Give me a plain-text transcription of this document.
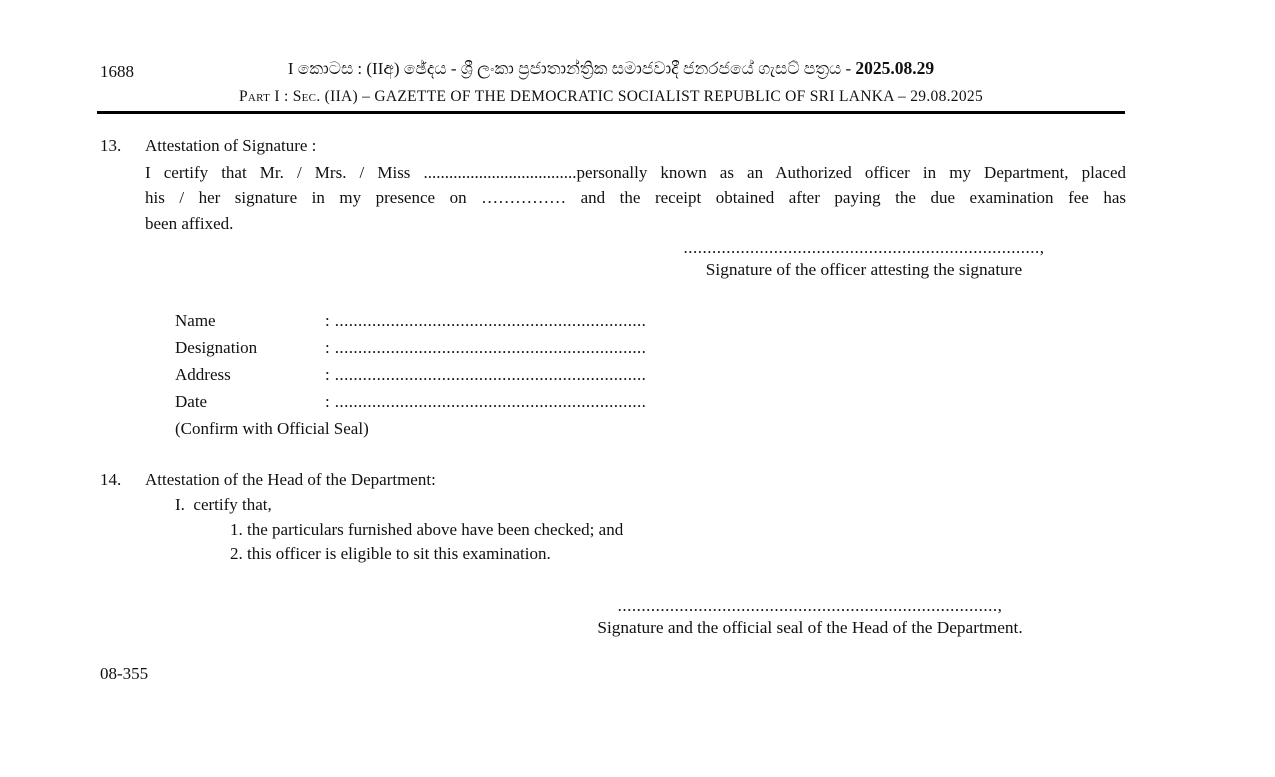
1688	I කොටස : (IIඅ) ඡේදය - ශ්‍රී ලංකා ප්‍රජාතාන්ත්‍රික සමාජවාදී ජනරජයේ ගැසට් පත්‍රය - 2025.08.29
Part I : Sec. (IIA) – GAZETTE OF THE DEMOCRATIC SOCIALIST REPUBLIC OF SRI LANKA – 29.08.2025
13. Attestation of Signature :
I certify that Mr. / Mrs. / Miss ....................................personally known as an Authorized officer in my Department, placed
his / her signature in my presence on …………… and the receipt obtained after paying the due examination fee has
been affixed.
...........................................................................,
Signature of the officer attesting the signature
Name	: ...................................................................
Designation	: ...................................................................
Address	: ...................................................................
Date	: ...................................................................
(Confirm with Official Seal)
14. Attestation of the Head of the Department:
I.  certify that,
1. the particulars furnished above have been checked; and
2. this officer is eligible to sit this examination.
................................................................................,
Signature and the official seal of the Head of the Department.
08-355
